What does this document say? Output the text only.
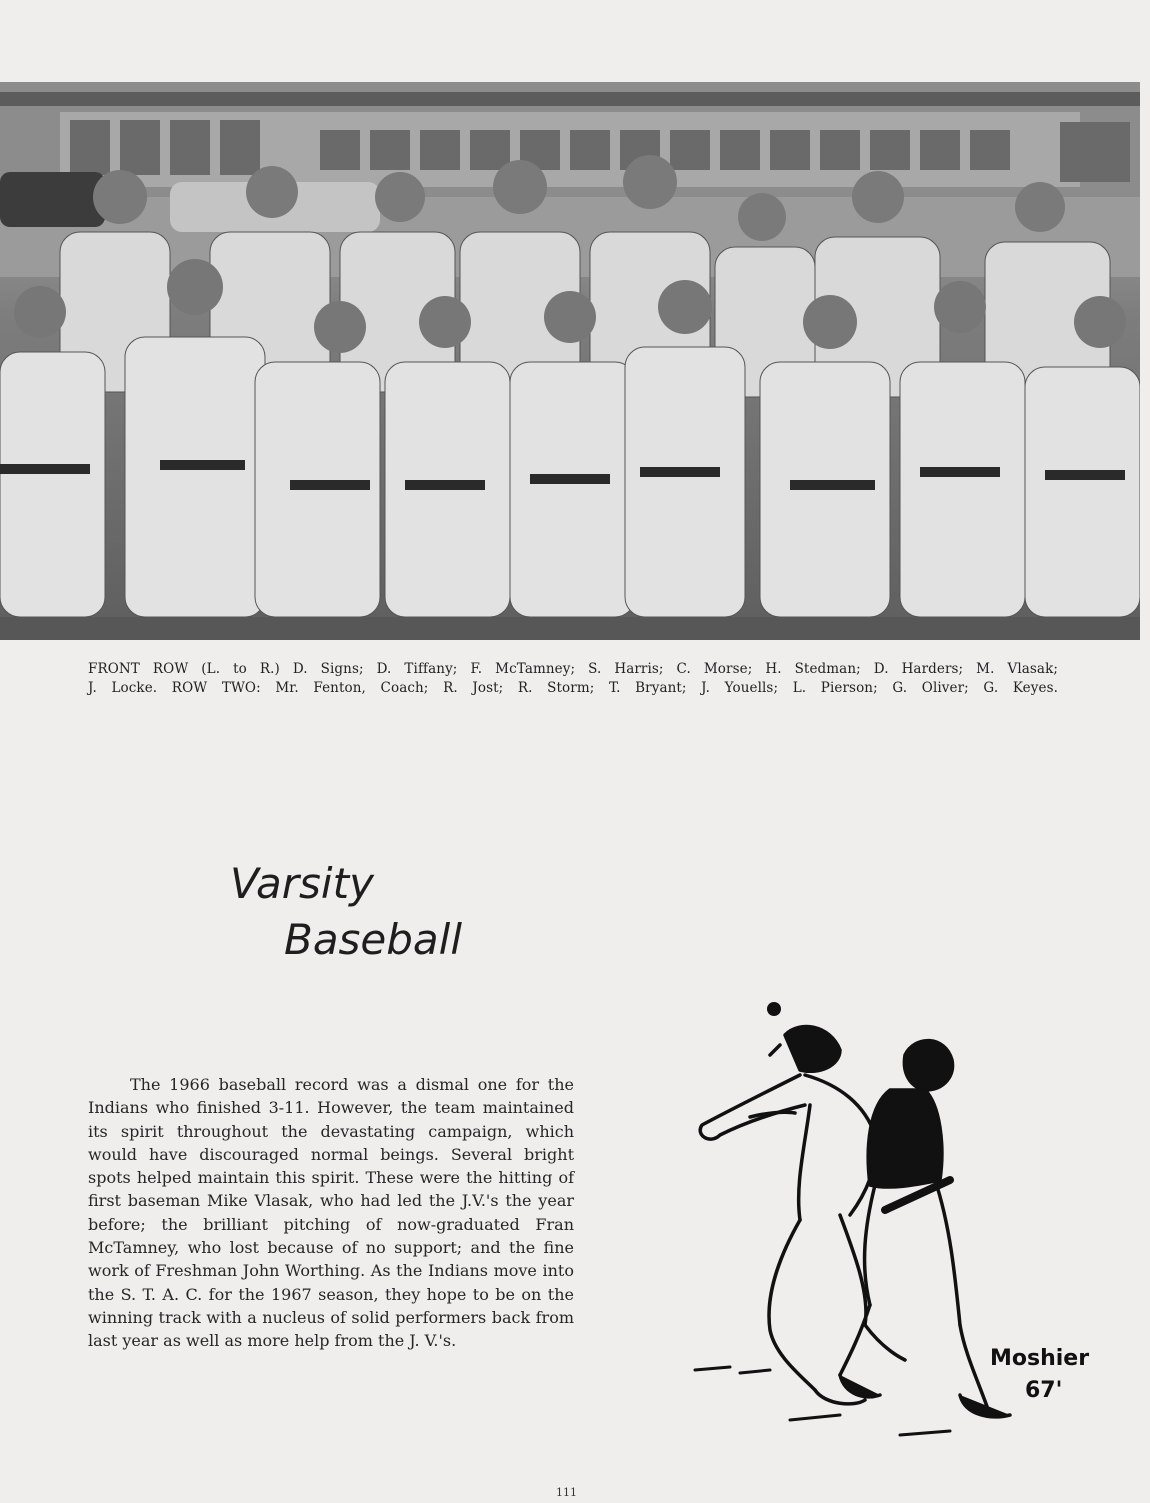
FRONT ROW (L. to R.) D. Signs; D. Tiffany; F. McTamney; S. Harris; C. Morse; H. Stedman; D. Harders; M. Vlasak;
J. Locke. ROW TWO: Mr. Fenton, Coach; R. Jost; R. Storm; T. Bryant; J. Youells; L. Pierson; G. Oliver; G. Keyes.
Varsity
Baseball
The 1966 baseball record was a dismal one for the Indians who finished 3-11. However, the team maintained its spirit throughout the devastating campaign, which would have discouraged normal beings. Several bright spots helped maintain this spirit. These were the hitting of first baseman Mike Vlasak, who had led the J.V.'s the year before; the brilliant pitching of now-graduated Fran McTamney, who lost because of no support; and the fine work of Freshman John Worthing. As the Indians move into the S. T. A. C. for the 1967 season, they hope to be on the winning track with a nucleus of solid performers back from last year as well as more help from the J. V.'s.
Moshier
67'
111
